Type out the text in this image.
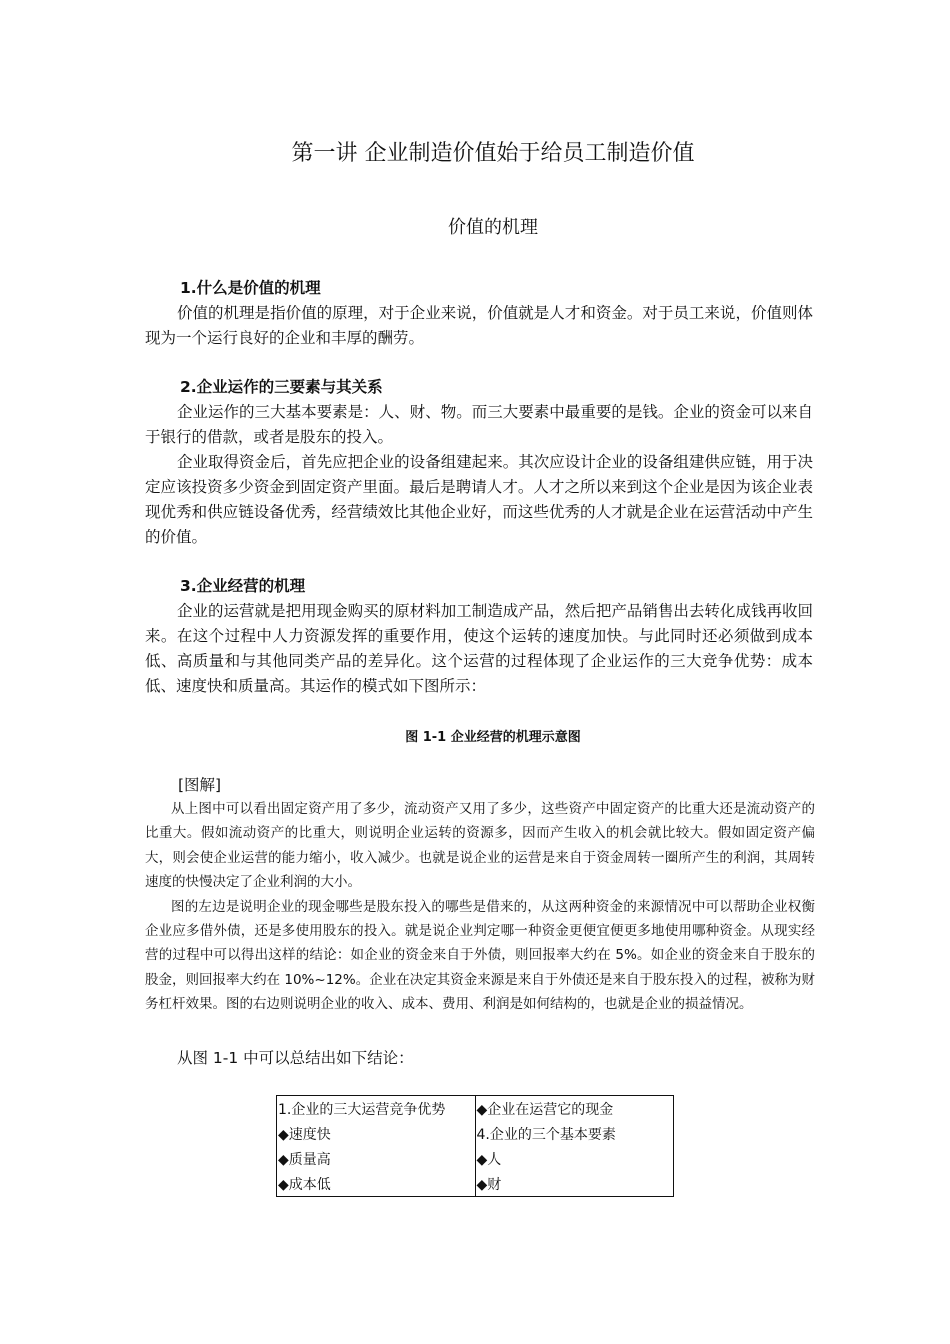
第一讲 企业制造价值始于给员工制造价值
价值的机理

1.什么是价值的机理

价值的机理是指价值的原理，对于企业来说，价值就是人才和资金。对于员工来说，价值则体现为一个运行良好的企业和丰厚的酬劳。

2.企业运作的三要素与其关系

企业运作的三大基本要素是：人、财、物。而三大要素中最重要的是钱。企业的资金可以来自于银行的借款，或者是股东的投入。

企业取得资金后，首先应把企业的设备组建起来。其次应设计企业的设备组建供应链，用于决定应该投资多少资金到固定资产里面。最后是聘请人才。人才之所以来到这个企业是因为该企业表现优秀和供应链设备优秀，经营绩效比其他企业好，而这些优秀的人才就是企业在运营活动中产生的价值。

3.企业经营的机理

企业的运营就是把用现金购买的原材料加工制造成产品，然后把产品销售出去转化成钱再收回来。在这个过程中人力资源发挥的重要作用，使这个运转的速度加快。与此同时还必须做到成本低、高质量和与其他同类产品的差异化。这个运营的过程体现了企业运作的三大竞争优势：成本低、速度快和质量高。其运作的模式如下图所示：

图 1-1 企业经营的机理示意图

[图解]

从上图中可以看出固定资产用了多少，流动资产又用了多少，这些资产中固定资产的比重大还是流动资产的比重大。假如流动资产的比重大，则说明企业运转的资源多，因而产生收入的机会就比较大。假如固定资产偏大，则会使企业运营的能力缩小，收入减少。也就是说企业的运营是来自于资金周转一圈所产生的利润，其周转速度的快慢决定了企业利润的大小。

图的左边是说明企业的现金哪些是股东投入的哪些是借来的，从这两种资金的来源情况中可以帮助企业权衡企业应多借外债，还是多使用股东的投入。就是说企业判定哪一种资金更便宜便更多地使用哪种资金。从现实经营的过程中可以得出这样的结论：如企业的资金来自于外债，则回报率大约在 5%。如企业的资金来自于股东的股金，则回报率大约在 10%~12%。企业在决定其资金来源是来自于外债还是来自于股东投入的过程，被称为财务杠杆效果。图的右边则说明企业的收入、成本、费用、利润是如何结构的，也就是企业的损益情况。

从图 1-1 中可以总结出如下结论：

1.企业的三大运营竞争优势	◆企业在运营它的现金
◆速度快	4.企业的三个基本要素
◆质量高	◆人
◆成本低	◆财
